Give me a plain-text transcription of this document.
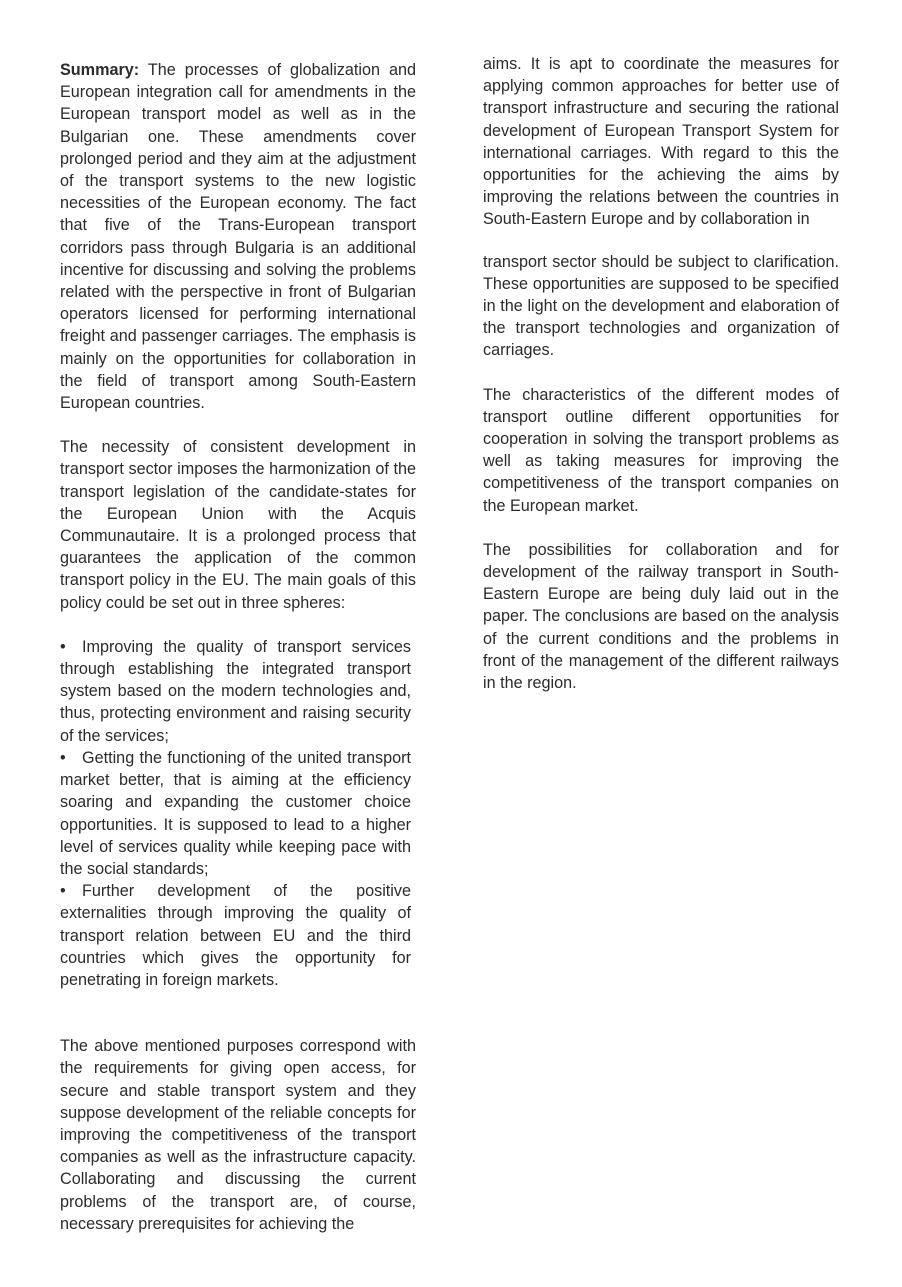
Summary: The processes of globalization and European integration call for amendments in the European transport model as well as in the Bulgarian one. These amendments cover prolonged period and they aim at the adjustment of the transport systems to the new logistic necessities of the European economy. The fact that five of the Trans-European transport corridors pass through Bulgaria is an additional incentive for discussing and solving the problems related with the perspective in front of Bulgarian operators licensed for performing international freight and passenger carriages. The emphasis is mainly on the opportunities for collaboration in the field of transport among South-Eastern European countries.

The necessity of consistent development in transport sector imposes the harmonization of the transport legislation of the candidate-states for the European Union with the Acquis Communautaire. It is a prolonged process that guarantees the application of the common transport policy in the EU. The main goals of this policy could be set out in three spheres:

• Improving the quality of transport services through establishing the integrated transport system based on the modern technologies and, thus, protecting environment and raising security of the services;
• Getting the functioning of the united transport market better, that is aiming at the efficiency soaring and expanding the customer choice opportunities. It is supposed to lead to a higher level of services quality while keeping pace with the social standards;
• Further development of the positive externalities through improving the quality of transport relation between EU and the third countries which gives the opportunity for penetrating in foreign markets.

The above mentioned purposes correspond with the requirements for giving open access, for secure and stable transport system and they suppose development of the reliable concepts for improving the competitiveness of the transport companies as well as the infrastructure capacity. Collaborating and discussing the current problems of the transport are, of course, necessary prerequisites for achieving the

aims. It is apt to coordinate the measures for applying common approaches for better use of transport infrastructure and securing the rational development of European Transport System for international carriages. With regard to this the opportunities for the achieving the aims by improving the relations between the countries in South-Eastern Europe and by collaboration in

transport sector should be subject to clarification. These opportunities are supposed to be specified in the light on the development and elaboration of the transport technologies and organization of carriages.

The characteristics of the different modes of transport outline different opportunities for cooperation in solving the transport problems as well as taking measures for improving the competitiveness of the transport companies on the European market.

The possibilities for collaboration and for development of the railway transport in South-Eastern Europe are being duly laid out in the paper. The conclusions are based on the analysis of the current conditions and the problems in front of the management of the different railways in the region.
